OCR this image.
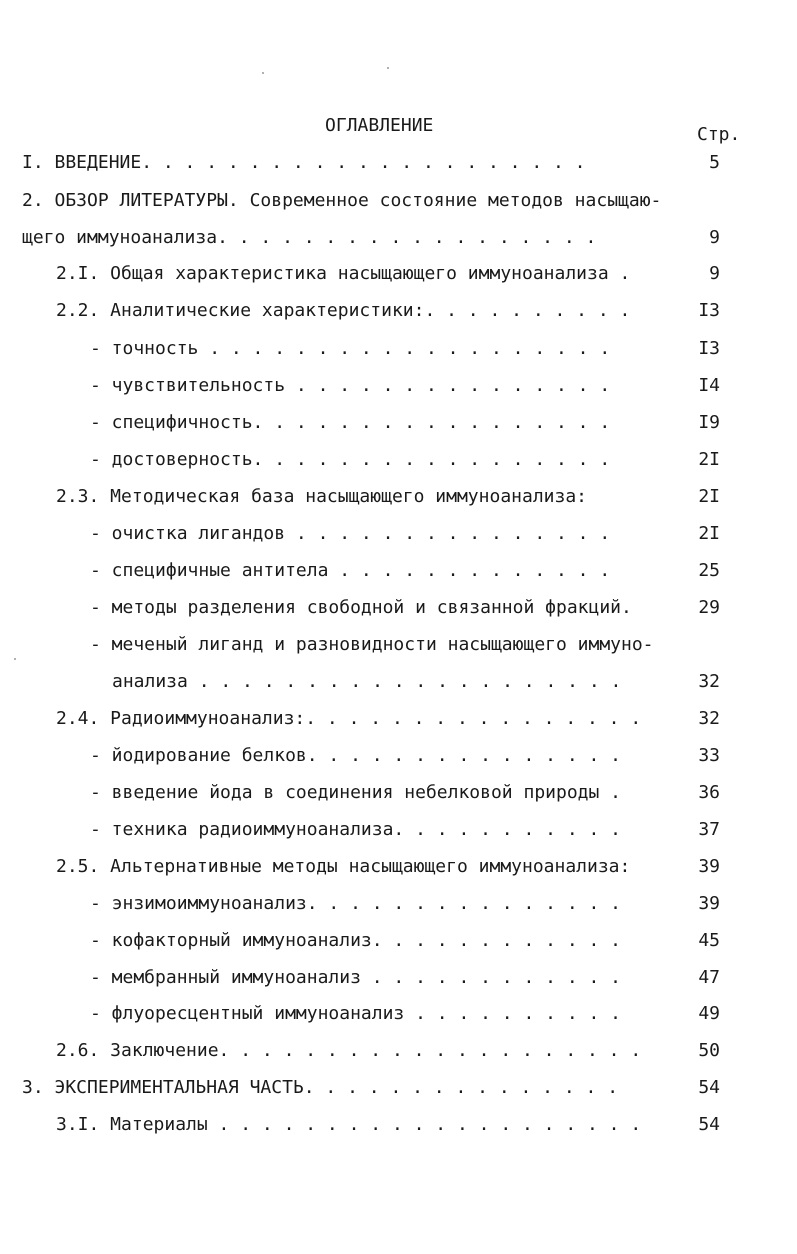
ОГЛАВЛЕНИЕ	Стр.
I. ВВЕДЕНИЕ. . . . . . . . . . . . . . . . . . . . .	5
2. ОБЗОР ЛИТЕРАТУРЫ. Современное состояние методов насыщаю-
щего иммуноанализа. . . . . . . . . . . . . . . . . .	9
2.I. Общая характеристика насыщающего иммуноанализа .	9
2.2. Аналитические характеристики:. . . . . . . . . .	I3
- точность . . . . . . . . . . . . . . . . . . .	I3
- чувствительность . . . . . . . . . . . . . . .	I4
- специфичность. . . . . . . . . . . . . . . . .	I9
- достоверность. . . . . . . . . . . . . . . . .	2I
2.3. Методическая база насыщающего иммуноанализа:	2I
- очистка лигандов . . . . . . . . . . . . . . .	2I
- специфичные антитела . . . . . . . . . . . . .	25
- методы разделения свободной и связанной фракций.	29
- меченый лиганд и разновидности насыщающего иммуно-
анализа . . . . . . . . . . . . . . . . . . . .	32
2.4. Радиоиммуноанализ:. . . . . . . . . . . . . . . .	32
- йодирование белков. . . . . . . . . . . . . . .	33
- введение йода в соединения небелковой природы .	36
- техника радиоиммуноанализа. . . . . . . . . . .	37
2.5. Альтернативные методы насыщающего иммуноанализа:	39
- энзимоиммуноанализ. . . . . . . . . . . . . . .	39
- кофакторный иммуноанализ. . . . . . . . . . . .	45
- мембранный иммуноанализ . . . . . . . . . . . .	47
- флуоресцентный иммуноанализ . . . . . . . . . .	49
2.6. Заключение. . . . . . . . . . . . . . . . . . . .	50
3. ЭКСПЕРИМЕНТАЛЬНАЯ ЧАСТЬ. . . . . . . . . . . . . . .	54
3.I. Материалы . . . . . . . . . . . . . . . . . . . .	54
